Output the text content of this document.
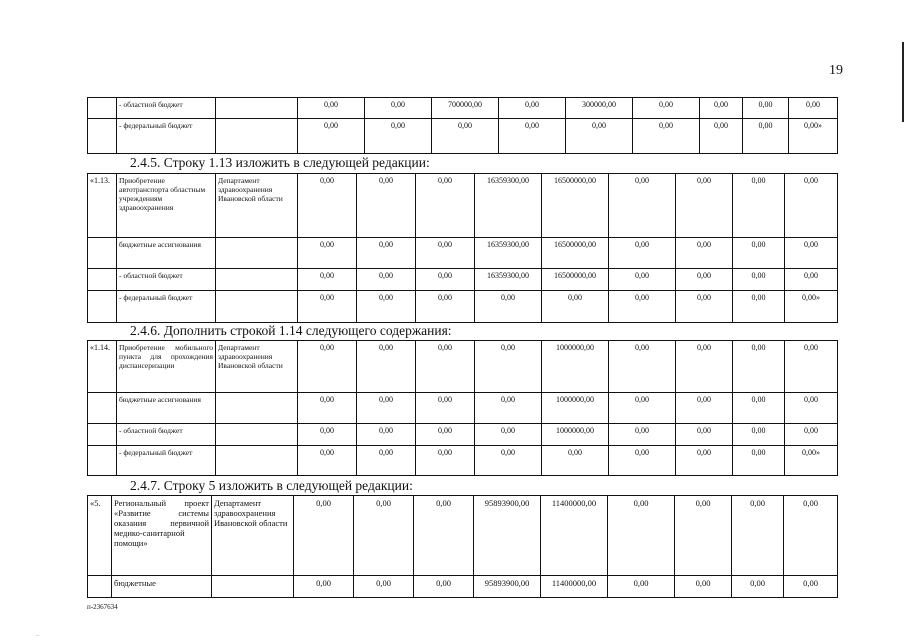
19
	- областной бюджет		0,00	0,00	700000,00	0,00	300000,00	0,00	0,00	0,00	0,00
	- федеральный бюджет		0,00	0,00	0,00	0,00	0,00	0,00	0,00	0,00	0,00»
2.4.5. Строку 1.13 изложить в следующей редакции:
«1.13.	Приобретение автотранспорта областным учреждениям здравоохранения	Департамент здравоохранения Ивановской области	0,00	0,00	0,00	16359300,00	16500000,00	0,00	0,00	0,00	0,00
	бюджетные ассигнования		0,00	0,00	0,00	16359300,00	16500000,00	0,00	0,00	0,00	0,00
	- областной бюджет		0,00	0,00	0,00	16359300,00	16500000,00	0,00	0,00	0,00	0,00
	- федеральный бюджет		0,00	0,00	0,00	0,00	0,00	0,00	0,00	0,00	0,00»
2.4.6. Дополнить строкой 1.14 следующего содержания:
«1.14.	Приобретение мобильного пункта для прохождения диспансеризации	Департамент здравоохранения Ивановской области	0,00	0,00	0,00	0,00	1000000,00	0,00	0,00	0,00	0,00
	бюджетные ассигнования		0,00	0,00	0,00	0,00	1000000,00	0,00	0,00	0,00	0,00
	- областной бюджет		0,00	0,00	0,00	0,00	1000000,00	0,00	0,00	0,00	0,00
	- федеральный бюджет		0,00	0,00	0,00	0,00	0,00	0,00	0,00	0,00	0,00»
2.4.7. Строку 5 изложить в следующей редакции:
«5.	Региональный проект «Развитие системы оказания первичной медико-санитарной помощи»	Департамент здравоохранения Ивановской области	0,00	0,00	0,00	95893900,00	11400000,00	0,00	0,00	0,00	0,00
	бюджетные		0,00	0,00	0,00	95893900,00	11400000,00	0,00	0,00	0,00	0,00
п-2367634
..
